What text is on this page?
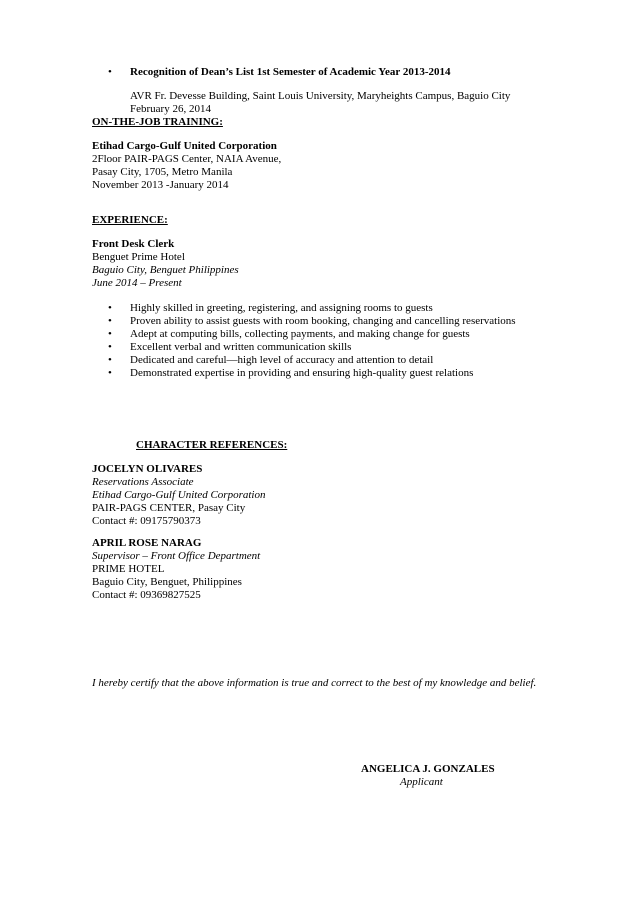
• Recognition of Dean’s List 1st Semester of Academic Year 2013-2014
AVR Fr. Devesse Building, Saint Louis University, Maryheights Campus, Baguio City
February 26, 2014
ON-THE-JOB TRAINING:
Etihad Cargo-Gulf United Corporation
2Floor PAIR-PAGS Center, NAIA Avenue,
Pasay City, 1705, Metro Manila
November 2013 -January 2014
EXPERIENCE:
Front Desk Clerk
Benguet Prime Hotel
Baguio City, Benguet Philippines
June 2014 – Present
•	Highly skilled in greeting, registering, and assigning rooms to guests
•	Proven ability to assist guests with room booking, changing and cancelling reservations
•	Adept at computing bills, collecting payments, and making change for guests
•	Excellent verbal and written communication skills
•	Dedicated and careful—high level of accuracy and attention to detail
•	Demonstrated expertise in providing and ensuring high-quality guest relations
CHARACTER REFERENCES:
JOCELYN OLIVARES
Reservations Associate
Etihad Cargo-Gulf United Corporation
PAIR-PAGS CENTER, Pasay City
Contact #: 09175790373
APRIL ROSE NARAG
Supervisor – Front Office Department
PRIME HOTEL
Baguio City, Benguet, Philippines
Contact #: 09369827525
I hereby certify that the above information is true and correct to the best of my knowledge and belief.
ANGELICA J. GONZALES
Applicant
